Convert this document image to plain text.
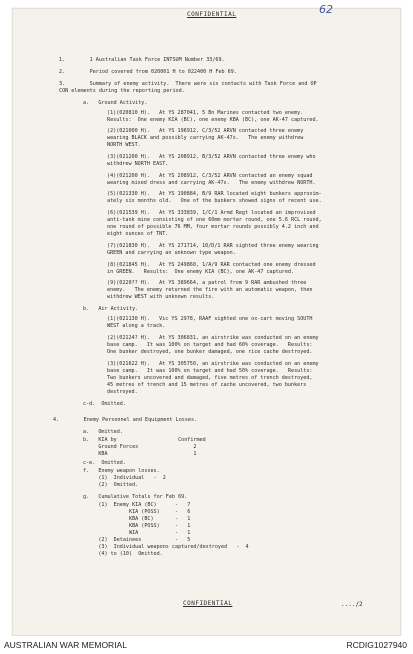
CONFIDENTIAL	62
1.        1 Australian Task Force INTSUM Number 33/69.
2.        Period covered from 020001 H to 022400 H Feb 69.
3.        Summary of enemy activity.  There were six contacts with Task Force and OP
CON elements during the reporting period.
a.   Ground Activity.
(1)(020810 H).   At YS 287041, 5 Bn Marines contacted two enemy.
Results:  One enemy KIA (BC), one enemy KBA (BC), one AK-47 captured.
(2)(021000 H).   At YS 196912, C/3/52 ARVN contacted three enemy
wearing BLACK and possibly carrying AK-47s.   The enemy withdrew
NORTH WEST.
(3)(021200 H).   At YS 208912, B/3/52 ARVN contacted three enemy who
withdrew NORTH EAST.
(4)(021200 H).   At YS 208912, C/3/52 ARVN contacted an enemy squad
wearing mixed dress and carrying AK-47s.   The enemy withdrew NORTH.
(5)(021330 H).   At YS 190884, B/9 RAR located eight bunkers approxim-
ately six months old.   One of the bunkers showed signs of recent use.
(6)(021539 H).   At YS 333839, 1/C/1 Armd Regt located an improvised
anti-tank mine consisting of one 60mm mortar round, one 5.6 RCL round,
one round of possible 76 MM, four mortar rounds possibly 4.2 inch and
eight ounces of TNT.
(7)(021830 H).   At YS 271714, 10/D/1 RAR sighted three enemy wearing
GREEN and carrying an unknown type weapon.
(8)(021845 H).   At YS 249860, 1/A/9 RAR contacted one enemy dressed
in GREEN.   Results:  One enemy KIA (BC), one AK-47 captured.
(9)(0220?? H).   At YS 389664, a patrol from 9 RAR ambushed three
enemy.   The enemy returned the fire with an automatic weapon, then
withdrew WEST with unknown results.
b.   Air Activity.
(1)(021130 H).   Vic YS 2978, RAAF sighted one ox-cart moving SOUTH
WEST along a track.
(2)(02124? H).   At YS 306831, an airstrike was conducted on an enemy
base camp.   It was 100% on target and had 60% coverage.   Results:
One bunker destroyed, one bunker damaged, one rice cache destroyed.
(3)(021622 H).   At YS 305750, an airstrike was conducted on an enemy
base camp.   It was 100% on target and had 50% coverage.   Results:
Two bunkers uncovered and damaged, five metres of trench destroyed,
45 metres of trench and 15 metres of cache uncovered, two bunkers
destroyed.
c-d.  Omitted.
4.        Enemy Personnel and Equipment Losses.
a.   Omitted.
b.   KIA by                    Confirmed
Ground Forces                  2
KBA                            1
c-e.  Omitted.
f.   Enemy weapon losses.
(1)  Individual   -  2
(2)  Omitted.
g.   Cumulative Totals for Feb 69.
(1)  Enemy KIA (BC)      -   7
KIA (POSS)     -   6
KBA (BC)       -   1
KBA (POSS)     -   1
WIA            -   1
(2)  Detainees           -   5
(3)  Individual weapons captured/destroyed   -  4
(4) to (10)  Omitted.
CONFIDENTIAL	..../2
AUSTRALIAN WAR MEMORIAL	RCDIG1027940
